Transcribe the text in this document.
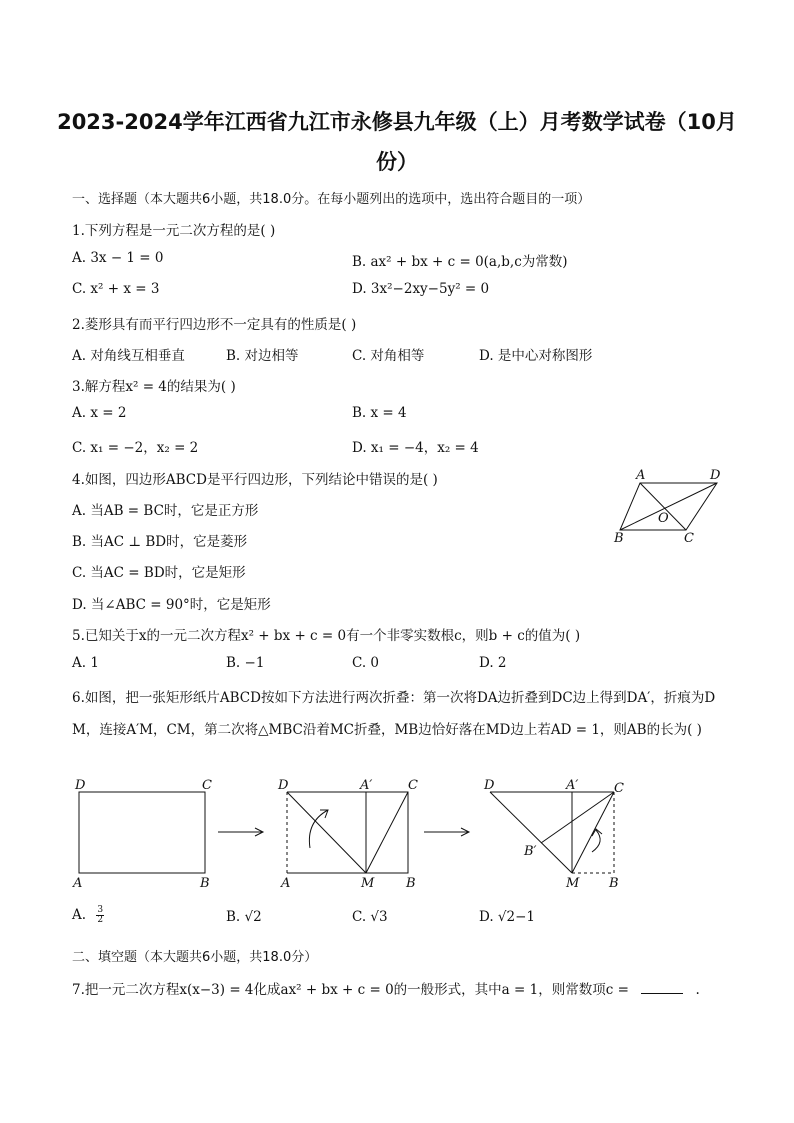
2023-2024学年江西省九江市永修县九年级（上）月考数学试卷（10月
份）
一、选择题（本大题共6小题，共18.0分。在每小题列出的选项中，选出符合题目的一项）
1.下列方程是一元二次方程的是( )
A. 3x − 1 = 0	B. ax² + bx + c = 0(a,b,c为常数)
C. x² + x = 3	D. 3x²−2xy−5y² = 0
2.菱形具有而平行四边形不一定具有的性质是( )
A. 对角线互相垂直	B. 对边相等	C. 对角相等	D. 是中心对称图形
3.解方程x² = 4的结果为( )
A. x = 2	B. x = 4
C. x₁ = −2，x₂ = 2	D. x₁ = −4，x₂ = 4
4.如图，四边形ABCD是平行四边形，下列结论中错误的是( )
A. 当AB = BC时，它是正方形
B. 当AC ⊥ BD时，它是菱形
C. 当AC = BD时，它是矩形
D. 当∠ABC = 90°时，它是矩形
A	D
B	C
O
5.已知关于x的一元二次方程x² + bx + c = 0有一个非零实数根c，则b + c的值为( )
A. 1	B. −1	C. 0	D. 2
6.如图，把一张矩形纸片ABCD按如下方法进行两次折叠：第一次将DA边折叠到DC边上得到DA′，折痕为D
M，连接A′M，CM，第二次将△MBC沿着MC折叠，MB边恰好落在MD边上若AD = 1，则AB的长为( )
D	C
A	B
D	A′	C
A	M B
D	A′	C
B′
M B
A. $\frac{3}{2}$	B. √2	C. √3	D. √2−1
二、填空题（本大题共6小题，共18.0分）
7.把一元二次方程x(x−3) = 4化成ax² + bx + c = 0的一般形式，其中a = 1，则常数项c =	.
